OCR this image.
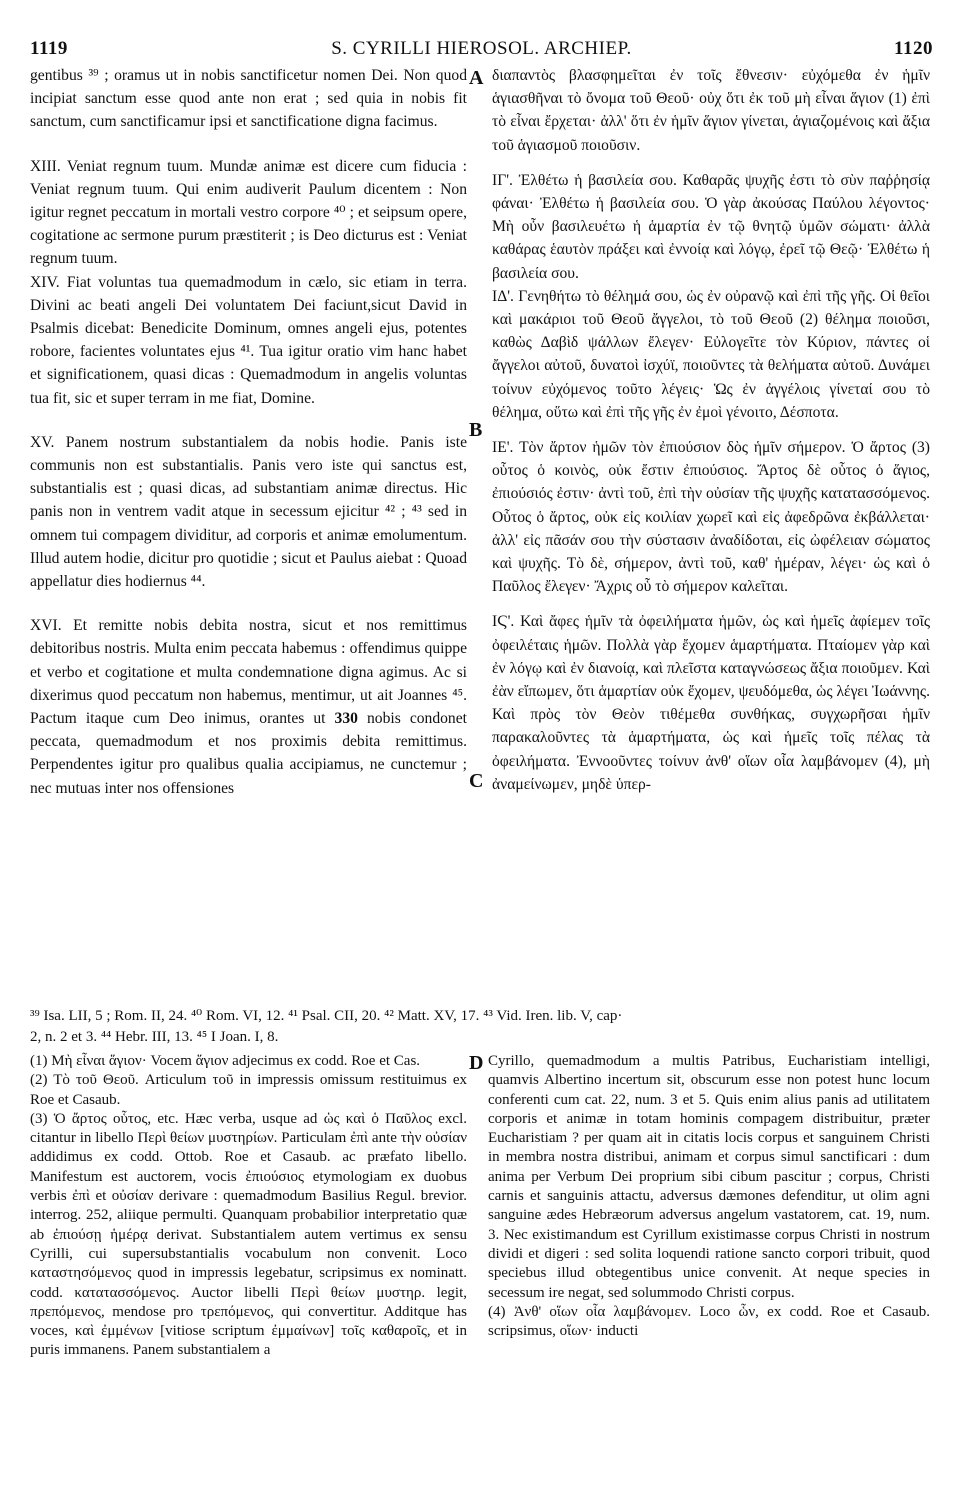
1119	S. CYRILLI HIEROSOL. ARCHIEP.	1120

gentibus ³⁹ ; oramus ut in nobis sanctificetur nomen Dei. Non quod incipiat sanctum esse quod ante non erat ; sed quia in nobis fit sanctum, cum sanctificamur ipsi et sanctificatione digna facimus.

XIII. Veniat regnum tuum. Mundæ animæ est dicere cum fiducia : Veniat regnum tuum. Qui enim audiverit Paulum dicentem : Non igitur regnet peccatum in mortali vestro corpore ⁴⁰ ; et seipsum opere, cogitatione ac sermone purum præstiterit ; is Deo dicturus est : Veniat regnum tuum.

XIV. Fiat voluntas tua quemadmodum in cælo, sic etiam in terra. Divini ac beati angeli Dei voluntatem Dei faciunt,sicut David in Psalmis dicebat: Benedicite Dominum, omnes angeli ejus, potentes robore, facientes voluntates ejus ⁴¹. Tua igitur oratio vim hanc habet et significationem, quasi dicas : Quemadmodum in angelis voluntas tua fit, sic et super terram in me fiat, Domine.

XV. Panem nostrum substantialem da nobis hodie. Panis iste communis non est substantialis. Panis vero iste qui sanctus est, substantialis est ; quasi dicas, ad substantiam animæ directus. Hic panis non in ventrem vadit atque in secessum ejicitur ⁴² ; ⁴³ sed in omnem tui compagem dividitur, ad corporis et animæ emolumentum. Illud autem hodie, dicitur pro quotidie ; sicut et Paulus aiebat : Quoad appellatur dies hodiernus ⁴⁴.

XVI. Et remitte nobis debita nostra, sicut et nos remittimus debitoribus nostris. Multa enim peccata habemus : offendimus quippe et verbo et cogitatione et multa condemnatione digna agimus. Ac si dixerimus quod peccatum non habemus, mentimur, ut ait Joannes ⁴⁵. Pactum itaque cum Deo inimus, orantes ut 330 nobis condonet peccata, quemadmodum et nos proximis debita remittimus. Perpendentes igitur pro qualibus qualia accipiamus, ne cunctemur ; nec mutuas inter nos offensiones

A
B
C
D

διαπαντὸς βλασφημεῖται ἐν τοῖς ἔθνεσιν· εὐχόμεθα ἐν ἡμῖν ἁγιασθῆναι τὸ ὄνομα τοῦ Θεοῦ· οὐχ ὅτι ἐκ τοῦ μὴ εἶναι ἅγιον (1) ἐπὶ τὸ εἶναι ἔρχεται· ἀλλ' ὅτι ἐν ἡμῖν ἅγιον γίνεται, ἁγιαζομένοις καὶ ἄξια τοῦ ἁγιασμοῦ ποιοῦσιν.

ΙΓ'. Ἐλθέτω ἡ βασιλεία σου. Καθαρᾶς ψυχῆς ἐστι τὸ σὺν παῤῥησίᾳ φάναι· Ἐλθέτω ἡ βασιλεία σου. Ὁ γὰρ ἀκούσας Παύλου λέγοντος· Μὴ οὖν βασιλευέτω ἡ ἁμαρτία ἐν τῷ θνητῷ ὑμῶν σώματι· ἀλλὰ καθάρας ἑαυτὸν πράξει καὶ ἐννοίᾳ καὶ λόγῳ, ἐρεῖ τῷ Θεῷ· Ἐλθέτω ἡ βασιλεία σου.

ΙΔ'. Γενηθήτω τὸ θέλημά σου, ὡς ἐν οὐρανῷ καὶ ἐπὶ τῆς γῆς. Οἱ θεῖοι καὶ μακάριοι τοῦ Θεοῦ ἄγγελοι, τὸ τοῦ Θεοῦ (2) θέλημα ποιοῦσι, καθὼς Δαβὶδ ψάλλων ἔλεγεν· Εὐλογεῖτε τὸν Κύριον, πάντες οἱ ἄγγελοι αὐτοῦ, δυνατοὶ ἰσχύϊ, ποιοῦντες τὰ θελήματα αὐτοῦ. Δυνάμει τοίνυν εὐχόμενος τοῦτο λέγεις· Ὡς ἐν ἀγγέλοις γίνεταί σου τὸ θέλημα, οὕτω καὶ ἐπὶ τῆς γῆς ἐν ἐμοὶ γένοιτο, Δέσποτα.

ΙΕ'. Τὸν ἄρτον ἡμῶν τὸν ἐπιούσιον δὸς ἡμῖν σήμερον. Ὁ ἄρτος (3) οὗτος ὁ κοινὸς, οὐκ ἔστιν ἐπιούσιος. Ἄρτος δὲ οὗτος ὁ ἅγιος, ἐπιούσιός ἐστιν· ἀντὶ τοῦ, ἐπὶ τὴν οὐσίαν τῆς ψυχῆς κατατασσόμενος. Οὗτος ὁ ἄρτος, οὐκ εἰς κοιλίαν χωρεῖ καὶ εἰς ἀφεδρῶνα ἐκβάλλεται· ἀλλ' εἰς πᾶσάν σου τὴν σύστασιν ἀναδίδοται, εἰς ὠφέλειαν σώματος καὶ ψυχῆς. Τὸ δὲ, σήμερον, ἀντὶ τοῦ, καθ' ἡμέραν, λέγει· ὡς καὶ ὁ Παῦλος ἔλεγεν· Ἄχρις οὗ τὸ σήμερον καλεῖται.

ΙϚ'. Καὶ ἄφες ἡμῖν τὰ ὀφειλήματα ἡμῶν, ὡς καὶ ἡμεῖς ἀφίεμεν τοῖς ὀφειλέταις ἡμῶν. Πολλὰ γὰρ ἔχομεν ἁμαρτήματα. Πταίομεν γὰρ καὶ ἐν λόγῳ καὶ ἐν διανοίᾳ, καὶ πλεῖστα καταγνώσεως ἄξια ποιοῦμεν. Καὶ ἐὰν εἴπωμεν, ὅτι ἁμαρτίαν οὐκ ἔχομεν, ψευδόμεθα, ὡς λέγει Ἰωάννης. Καὶ πρὸς τὸν Θεὸν τιθέμεθα συνθήκας, συγχωρῆσαι ἡμῖν παρακαλοῦντες τὰ ἁμαρτήματα, ὡς καὶ ἡμεῖς τοῖς πέλας τὰ ὀφειλήματα. Ἐννοοῦντες τοίνυν ἀνθ' οἵων οἷα λαμβάνομεν (4), μὴ ἀναμείνωμεν, μηδὲ ὑπερ-

³⁹ Isa. LII, 5 ; Rom. II, 24. ⁴⁰ Rom. VI, 12. ⁴¹ Psal. CII, 20. ⁴² Matt. XV, 17. ⁴³ Vid. Iren. lib. V, cap·

2, n. 2 et 3. ⁴⁴ Hebr. III, 13. ⁴⁵ I Joan. I, 8.

(1) Μὴ εἶναι ἅγιον· Vocem ἅγιον adjecimus ex codd. Roe et Cas.

(2) Τὸ τοῦ Θεοῦ. Articulum τοῦ in impressis omissum restituimus ex Roe et Casaub.

(3) Ὁ ἄρτος οὗτος, etc. Hæc verba, usque ad ὡς καὶ ὁ Παῦλος excl. citantur in libello Περὶ θείων μυστηρίων. Particulam ἐπὶ ante τὴν οὐσίαν addidimus ex codd. Ottob. Roe et Casaub. ac præfato libello. Manifestum est auctorem, vocis ἐπιούσιος etymologiam ex duobus verbis ἐπὶ et οὐσίαν derivare : quemadmodum Basilius Regul. brevior. interrog. 252, aliique permulti. Quanquam probabilior interpretatio quæ ab ἐπιούσῃ ἡμέρᾳ derivat. Substantialem autem vertimus ex sensu Cyrilli, cui supersubstantialis vocabulum non convenit. Loco καταστησόμενος quod in impressis legebatur, scripsimus ex nominatt. codd. κατατασσόμενος. Auctor libelli Περὶ θείων μυστηρ. legit, πρεπόμενος, mendose pro τρεπόμενος, qui convertitur. Additque has voces, καὶ ἐμμένων [vitiose scriptum ἐμμαίνων] τοῖς καθαροῖς, et in puris immanens. Panem substantialem a

Cyrillo, quemadmodum a multis Patribus, Eucharistiam intelligi, quamvis Albertino incertum sit, obscurum esse non potest hunc locum conferenti cum cat. 22, num. 3 et 5. Quis enim alius panis ad utilitatem corporis et animæ in totam hominis compagem distribuitur, præter Eucharistiam ? per quam ait in citatis locis corpus et sanguinem Christi in membra nostra distribui, animam et corpus simul sanctificari : dum anima per Verbum Dei proprium sibi cibum pascitur ; corpus, Christi carnis et sanguinis attactu, adversus dæmones defenditur, ut olim agni sanguine ædes Hebræorum adversus angelum vastatorem, cat. 19, num. 3. Nec existimandum est Cyrillum existimasse corpus Christi in nostrum dividi et digeri : sed solita loquendi ratione sancto corpori tribuit, quod speciebus illud obtegentibus unice convenit. At neque species in secessum ire negat, sed solummodo Christi corpus.

(4) Ἀνθ' οἵων οἷα λαμβάνομεν. Loco ὧν, ex codd. Roe et Casaub. scripsimus, οἵων· inducti
